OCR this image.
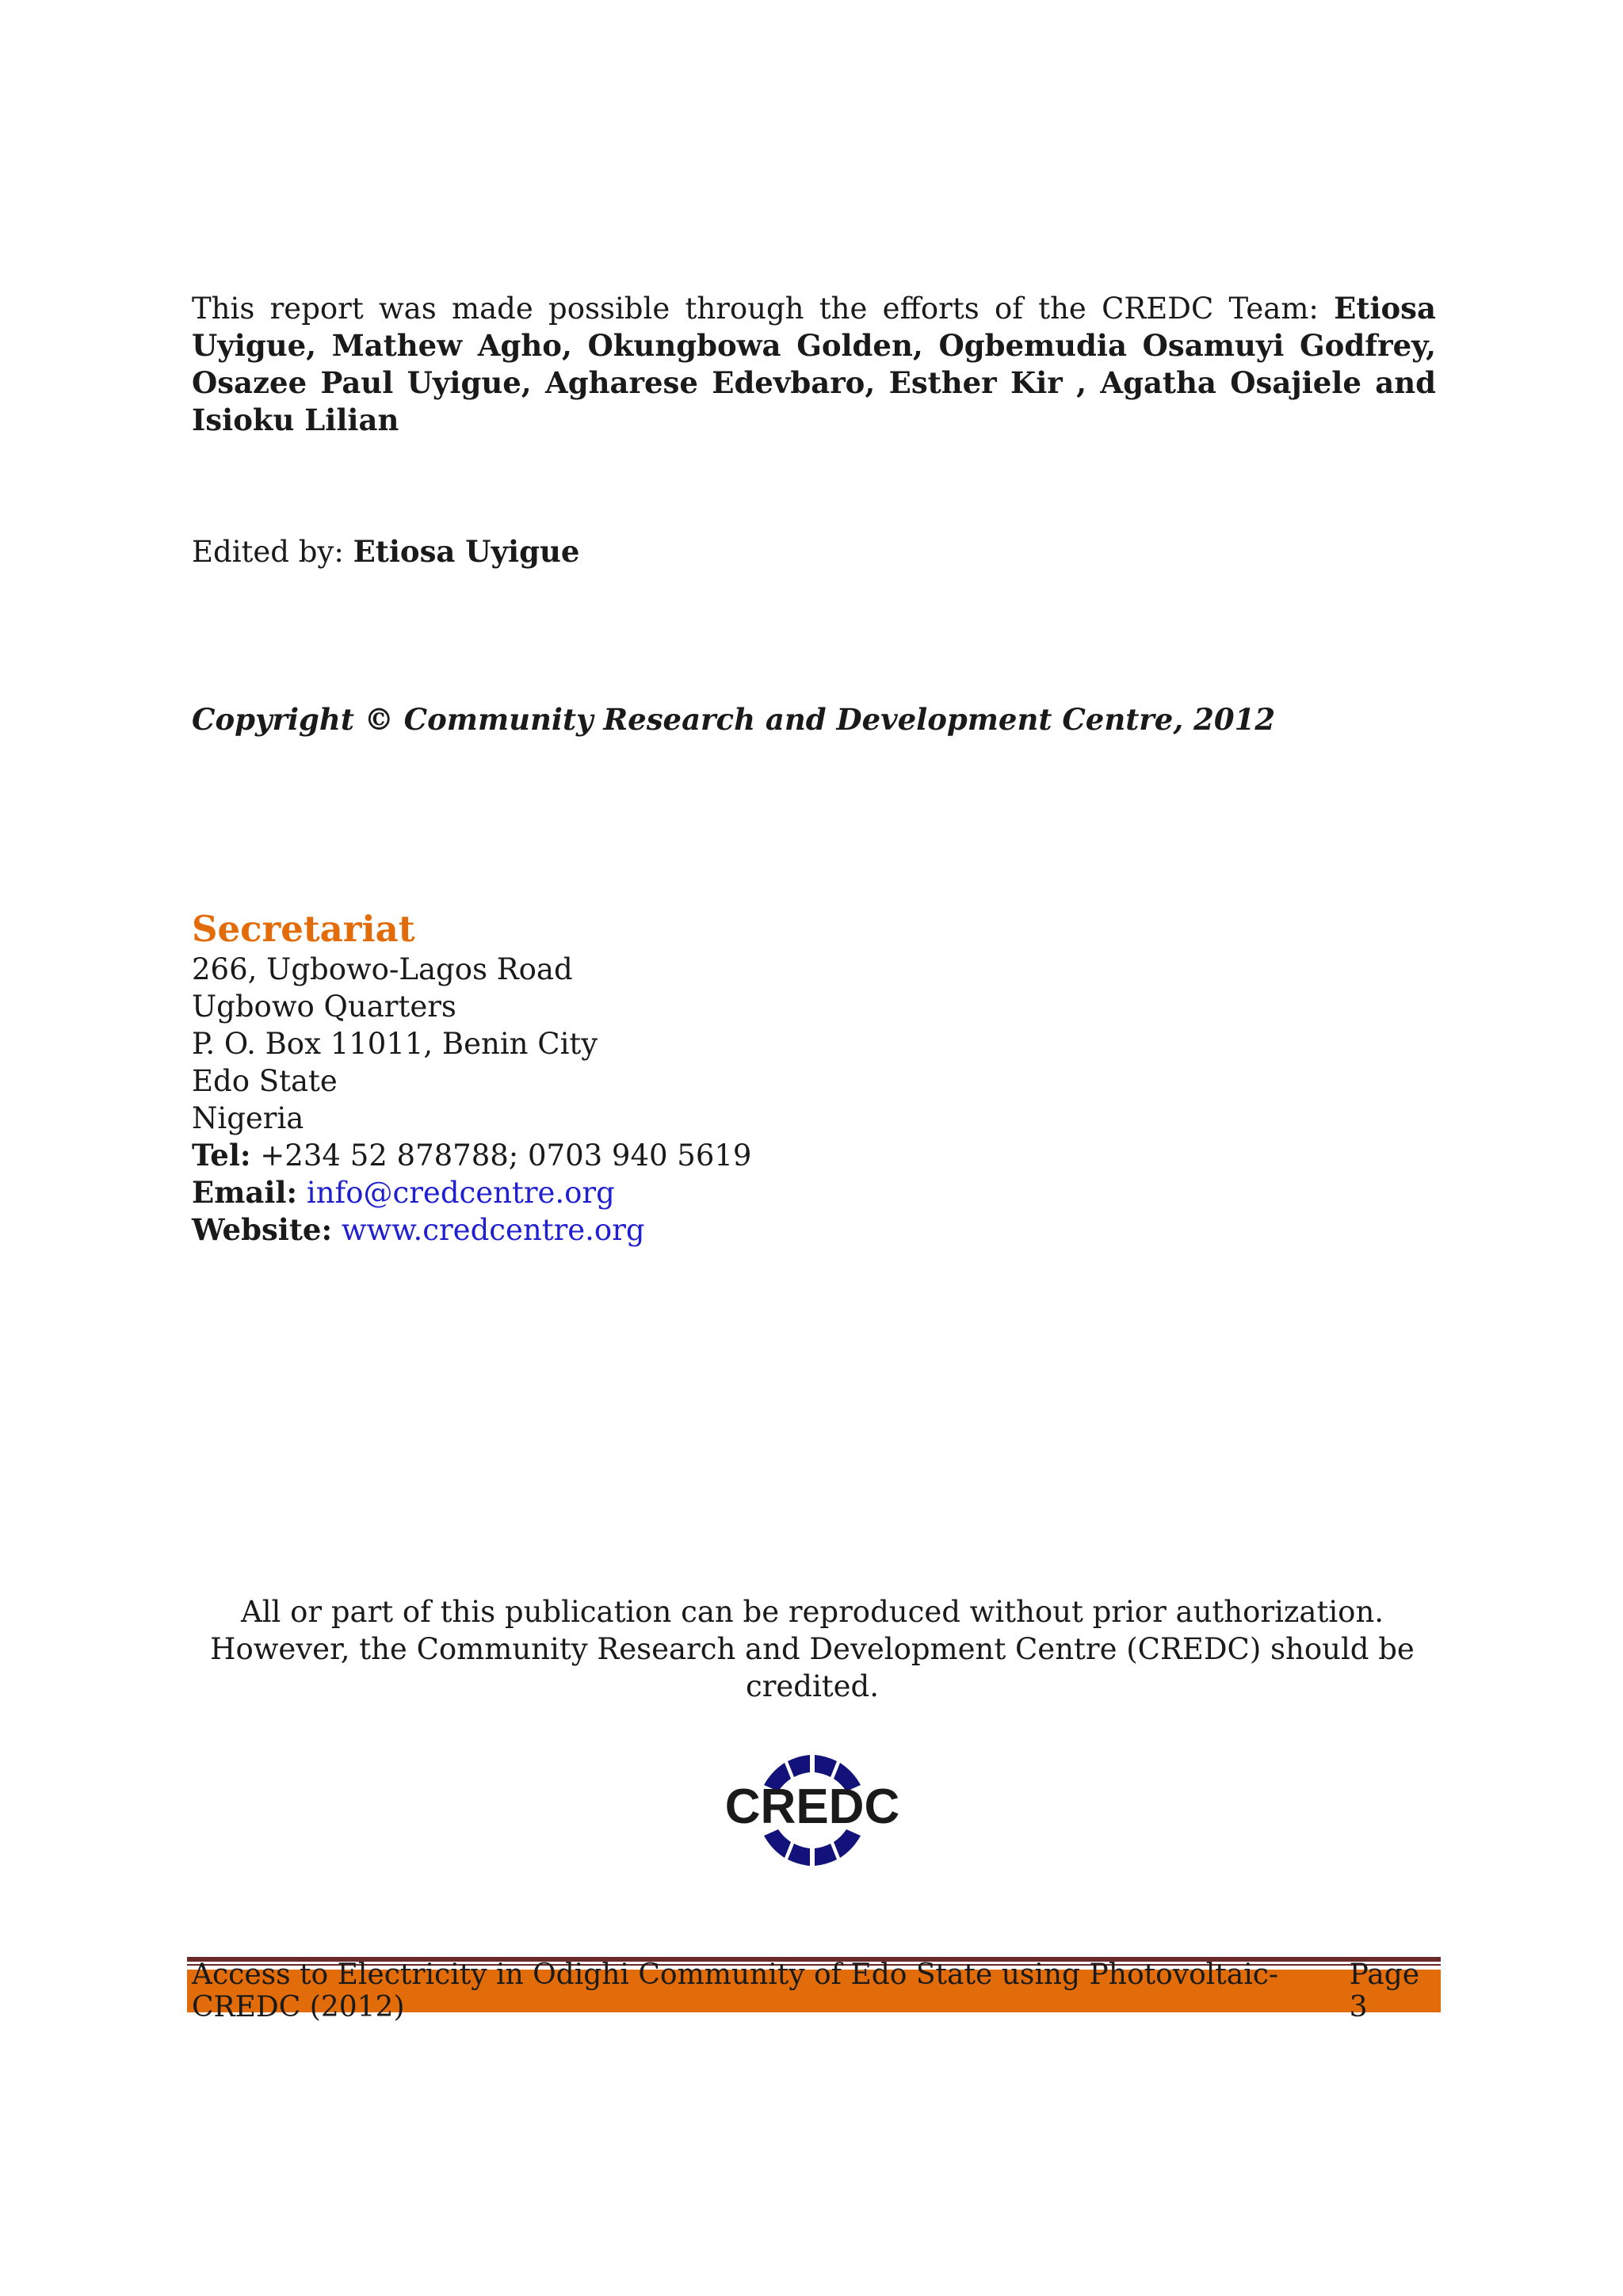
This report was made possible through the efforts of the CREDC Team: Etiosa Uyigue, Mathew Agho, Okungbowa Golden, Ogbemudia Osamuyi Godfrey, Osazee Paul Uyigue, Agharese Edevbaro, Esther Kir , Agatha Osajiele and Isioku Lilian
Edited by: Etiosa Uyigue
Copyright © Community Research and Development Centre, 2012
Secretariat
266, Ugbowo-Lagos Road
Ugbowo Quarters
P. O. Box 11011, Benin City
Edo State
Nigeria
Tel: +234 52 878788; 0703 940 5619
Email: info@credcentre.org
Website: www.credcentre.org
All or part of this publication can be reproduced without prior authorization. However, the Community Research and Development Centre (CREDC) should be credited.
CREDC
Access to Electricity in Odighi Community of Edo State using Photovoltaic-CREDC (2012)
Page 3
